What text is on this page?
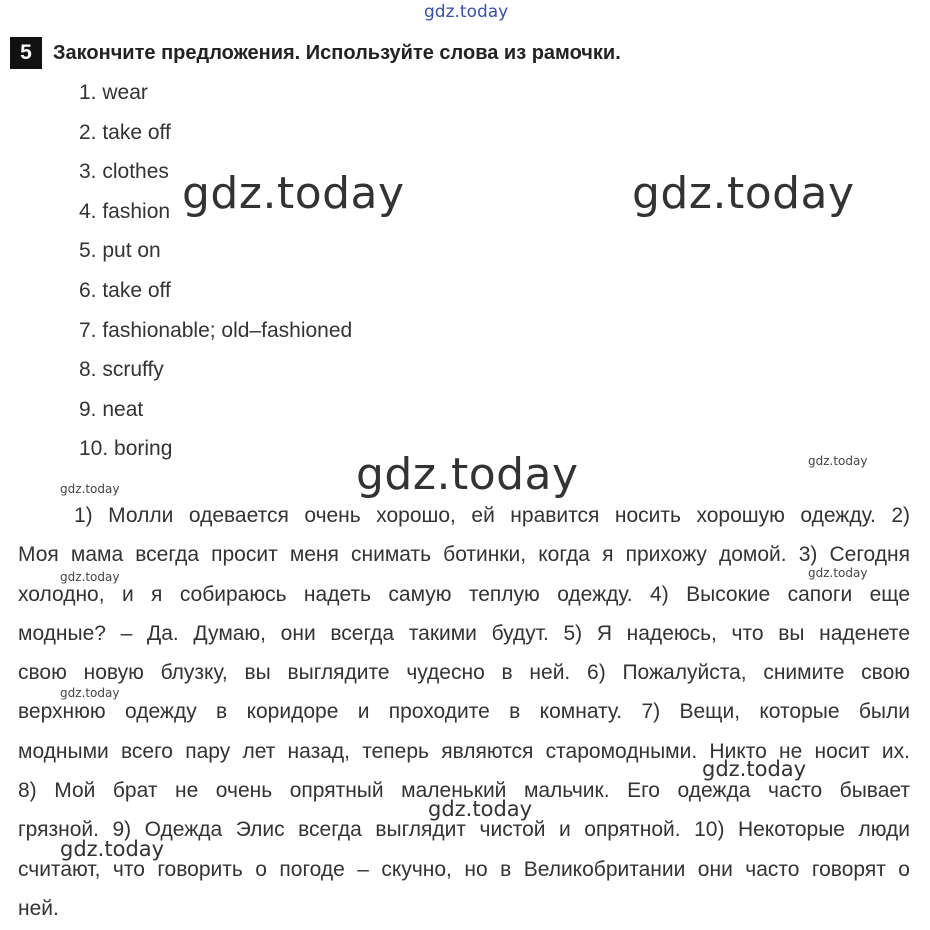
gdz.today
gdz.today	gdz.today
gdz.today	gdz.today
gdz.today
gdz.today	gdz.today
gdz.today
gdz.today
gdz.today
gdz.today
5	Закончите предложения. Используйте слова из рамочки.
1. wear
2. take off
3. clothes
4. fashion
5. put on
6. take off
7. fashionable; old–fashioned
8. scruffy
9. neat
10. boring
1) Молли одевается очень хорошо, ей нравится носить хорошую одежду. 2)
Моя мама всегда просит меня снимать ботинки, когда я прихожу домой. 3) Сегодня
холодно, и я собираюсь надеть самую теплую одежду. 4) Высокие сапоги еще
модные? – Да. Думаю, они всегда такими будут. 5) Я надеюсь, что вы наденете
свою новую блузку, вы выглядите чудесно в ней. 6) Пожалуйста, снимите свою
верхнюю одежду в коридоре и проходите в комнату. 7) Вещи, которые были
модными всего пару лет назад, теперь являются старомодными. Никто не носит их.
8) Мой брат не очень опрятный маленький мальчик. Его одежда часто бывает
грязной. 9) Одежда Элис всегда выглядит чистой и опрятной. 10) Некоторые люди
считают, что говорить о погоде – скучно, но в Великобритании они часто говорят о
ней.
